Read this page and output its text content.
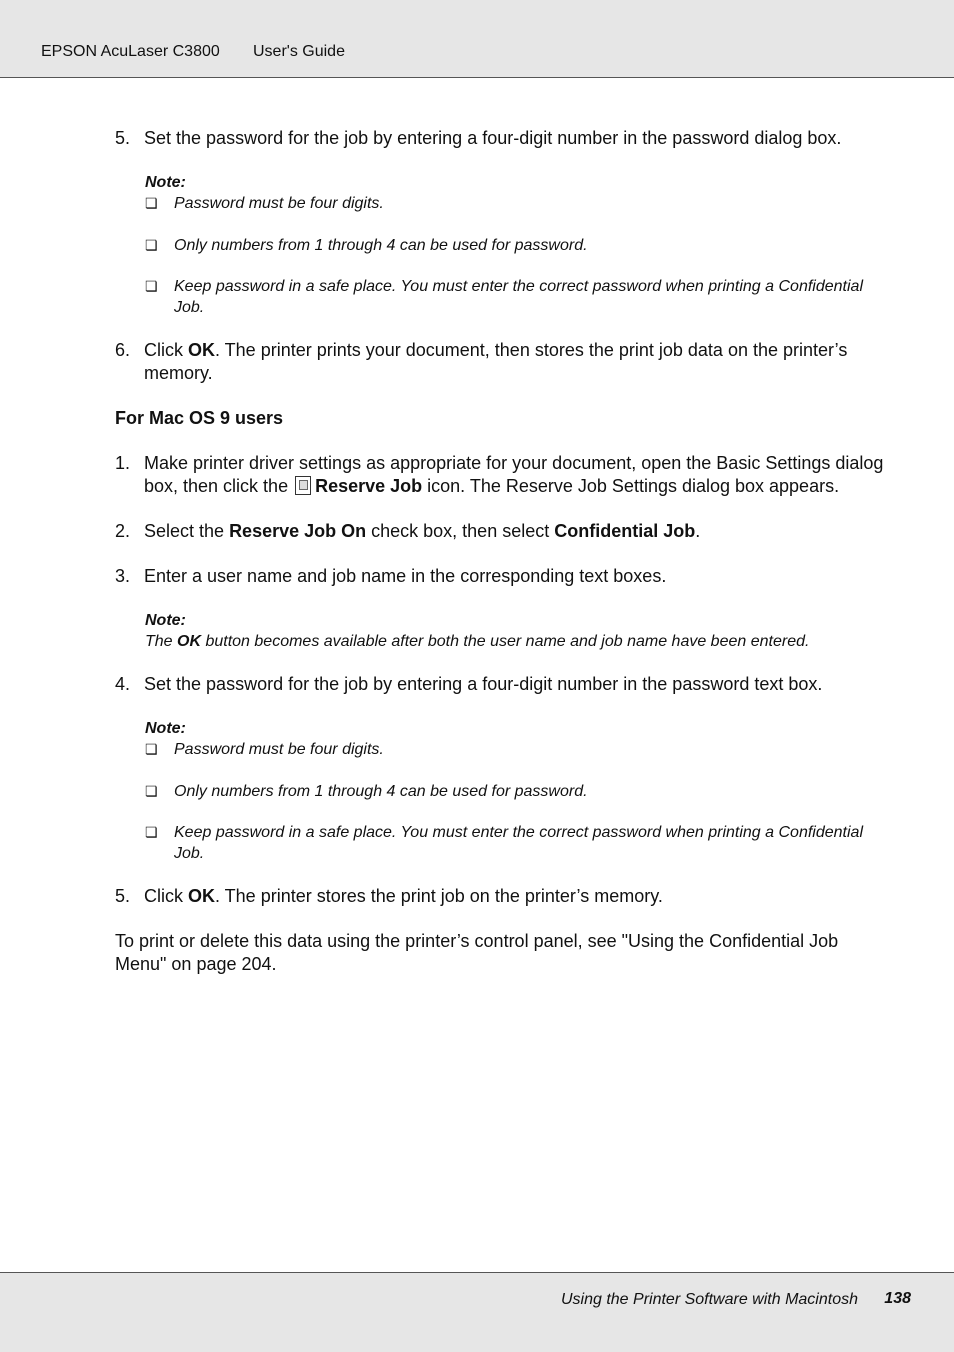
EPSON AcuLaser C3800 User's Guide
5. Set the password for the job by entering a four-digit number in the password dialog box.
Note:
❏ Password must be four digits.
❏ Only numbers from 1 through 4 can be used for password.
❏ Keep password in a safe place. You must enter the correct password when printing a Confidential Job.
6. Click OK. The printer prints your document, then stores the print job data on the printer’s memory.
For Mac OS 9 users
1. Make printer driver settings as appropriate for your document, open the Basic Settings dialog box, then click the Reserve Job icon. The Reserve Job Settings dialog box appears.
2. Select the Reserve Job On check box, then select Confidential Job.
3. Enter a user name and job name in the corresponding text boxes.
Note:
The OK button becomes available after both the user name and job name have been entered.
4. Set the password for the job by entering a four-digit number in the password text box.
Note:
❏ Password must be four digits.
❏ Only numbers from 1 through 4 can be used for password.
❏ Keep password in a safe place. You must enter the correct password when printing a Confidential Job.
5. Click OK. The printer stores the print job on the printer’s memory.
To print or delete this data using the printer’s control panel, see "Using the Confidential Job Menu" on page 204.
Using the Printer Software with Macintosh 138
